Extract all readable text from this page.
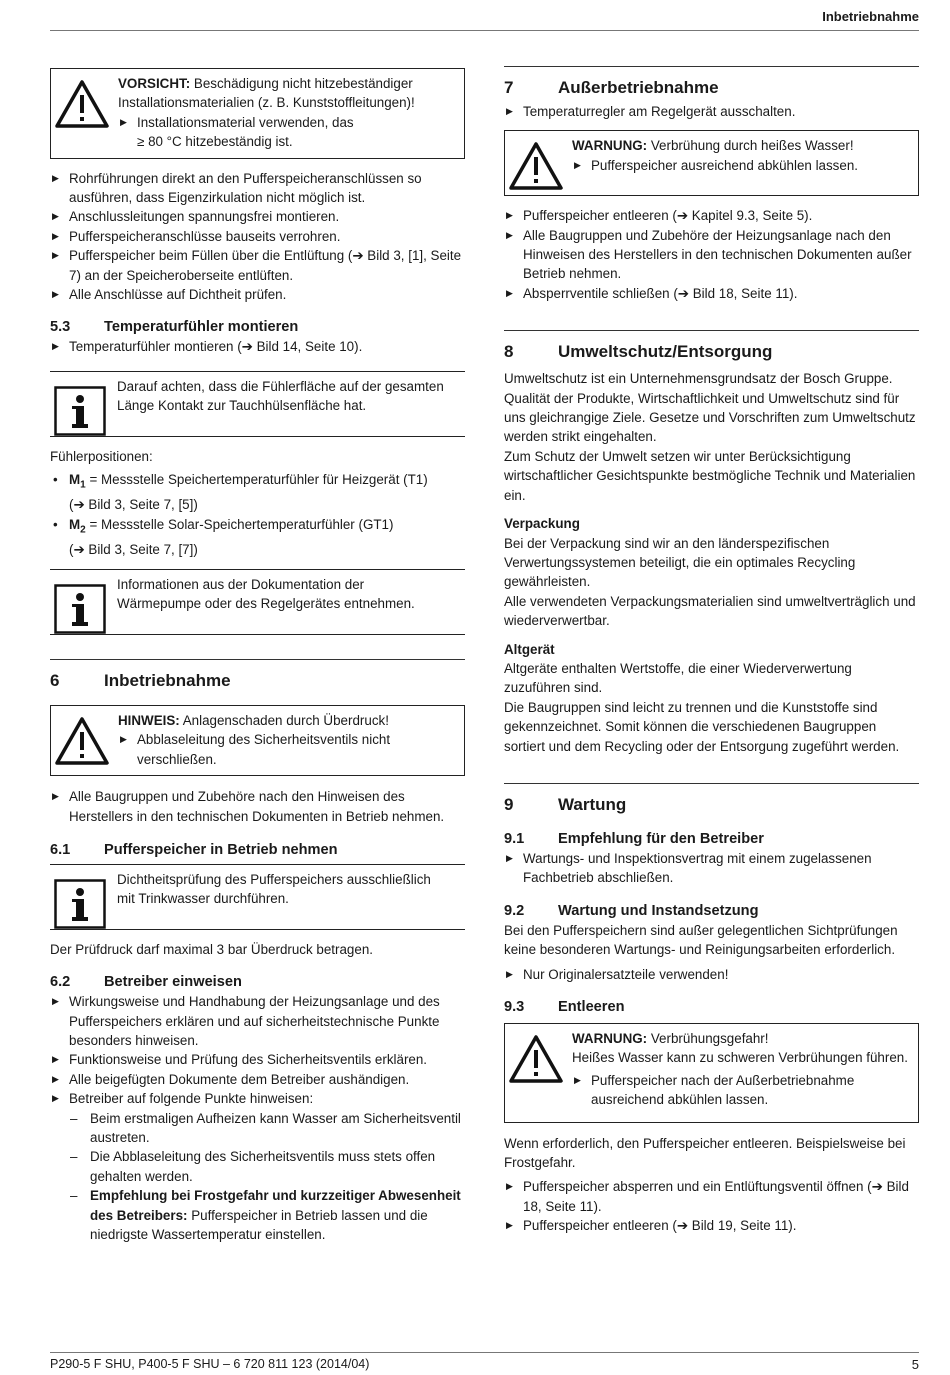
Inbetriebnahme

VORSICHT: Beschädigung nicht hitzebeständiger Installationsmaterialien (z. B. Kunststoffleitungen)!

▶ Installationsmaterial verwenden, das
≥ 80 °C hitzebeständig ist.
▶ Rohrführungen direkt an den Pufferspeicheranschlüssen so ausführen, dass Eigenzirkulation nicht möglich ist.
▶ Anschlussleitungen spannungsfrei montieren.
▶ Pufferspeicheranschlüsse bauseits verrohren.
▶ Pufferspeicher beim Füllen über die Entlüftung (➔ Bild 3, [1], Seite 7) an der Speicheroberseite entlüften.
▶ Alle Anschlüsse auf Dichtheit prüfen.
5.3 Temperaturfühler montieren
▶ Temperaturfühler montieren (➔ Bild 14, Seite 10).

Darauf achten, dass die Fühlerfläche auf der gesamten Länge Kontakt zur Tauchhülsenfläche hat.

Fühlerpositionen:

• $M_1$ = Messstelle Speichertemperaturfühler für Heizgerät (T1)
(➔ Bild 3, Seite 7, [5])
• $M_2$ = Messstelle Solar-Speichertemperaturfühler (GT1)
(➔ Bild 3, Seite 7, [7])

Informationen aus der Dokumentation der Wärmepumpe oder des Regelgerätes entnehmen.

6	Inbetriebnahme

HINWEIS: Anlagenschaden durch Überdruck!

▶ Abblaseleitung des Sicherheitsventils nicht verschließen.
▶ Alle Baugruppen und Zubehöre nach den Hinweisen des Herstellers in den technischen Dokumenten in Betrieb nehmen.
6.1 Pufferspeicher in Betrieb nehmen

Dichtheitsprüfung des Pufferspeichers ausschließlich mit Trinkwasser durchführen.

Der Prüfdruck darf maximal 3 bar Überdruck betragen.

6.2 Betreiber einweisen
▶ Wirkungsweise und Handhabung der Heizungsanlage und des Pufferspeichers erklären und auf sicherheitstechnische Punkte besonders hinweisen.
▶ Funktionsweise und Prüfung des Sicherheitsventils erklären.
▶ Alle beigefügten Dokumente dem Betreiber aushändigen.
▶ Betreiber auf folgende Punkte hinweisen:
– Beim erstmaligen Aufheizen kann Wasser am Sicherheitsventil austreten.
– Die Abblaseleitung des Sicherheitsventils muss stets offen gehalten werden.
– Empfehlung bei Frostgefahr und kurzzeitiger Abwesenheit des Betreibers: Pufferspeicher in Betrieb lassen und die niedrigste Wassertemperatur einstellen.
7	Außerbetriebnahme
▶ Temperaturregler am Regelgerät ausschalten.

WARNUNG: Verbrühung durch heißes Wasser!

▶ Pufferspeicher ausreichend abkühlen lassen.
▶ Pufferspeicher entleeren (➔ Kapitel 9.3, Seite 5).
▶ Alle Baugruppen und Zubehöre der Heizungsanlage nach den Hinweisen des Herstellers in den technischen Dokumenten außer Betrieb nehmen.
▶ Absperrventile schließen (➔ Bild 18, Seite 11).
8	Umweltschutz/Entsorgung

Umweltschutz ist ein Unternehmensgrundsatz der Bosch Gruppe. Qualität der Produkte, Wirtschaftlichkeit und Umweltschutz sind für uns gleichrangige Ziele. Gesetze und Vorschriften zum Umweltschutz werden strikt eingehalten.

Zum Schutz der Umwelt setzen wir unter Berücksichtigung wirtschaftlicher Gesichtspunkte bestmögliche Technik und Materialien ein.

Verpackung

Bei der Verpackung sind wir an den länderspezifischen Verwertungssystemen beteiligt, die ein optimales Recycling gewährleisten.

Alle verwendeten Verpackungsmaterialien sind umweltverträglich und wiederverwertbar.

Altgerät

Altgeräte enthalten Wertstoffe, die einer Wiederverwertung zuzuführen sind.

Die Baugruppen sind leicht zu trennen und die Kunststoffe sind gekennzeichnet. Somit können die verschiedenen Baugruppen sortiert und dem Recycling oder der Entsorgung zugeführt werden.

9	Wartung
9.1 Empfehlung für den Betreiber
▶ Wartungs- und Inspektionsvertrag mit einem zugelassenen Fachbetrieb abschließen.
9.2 Wartung und Instandsetzung

Bei den Pufferspeichern sind außer gelegentlichen Sichtprüfungen keine besonderen Wartungs- und Reinigungsarbeiten erforderlich.

▶ Nur Originalersatzteile verwenden!
9.3 Entleeren

WARNUNG: Verbrühungsgefahr!

Heißes Wasser kann zu schweren Verbrühungen führen.

▶ Pufferspeicher nach der Außerbetriebnahme ausreichend abkühlen lassen.

Wenn erforderlich, den Pufferspeicher entleeren. Beispielsweise bei Frostgefahr.

▶ Pufferspeicher absperren und ein Entlüftungsventil öffnen (➔ Bild 18, Seite 11).
▶ Pufferspeicher entleeren (➔ Bild 19, Seite 11).
P290-5 F SHU, P400-5 F SHU – 6 720 811 123 (2014/04)	5
